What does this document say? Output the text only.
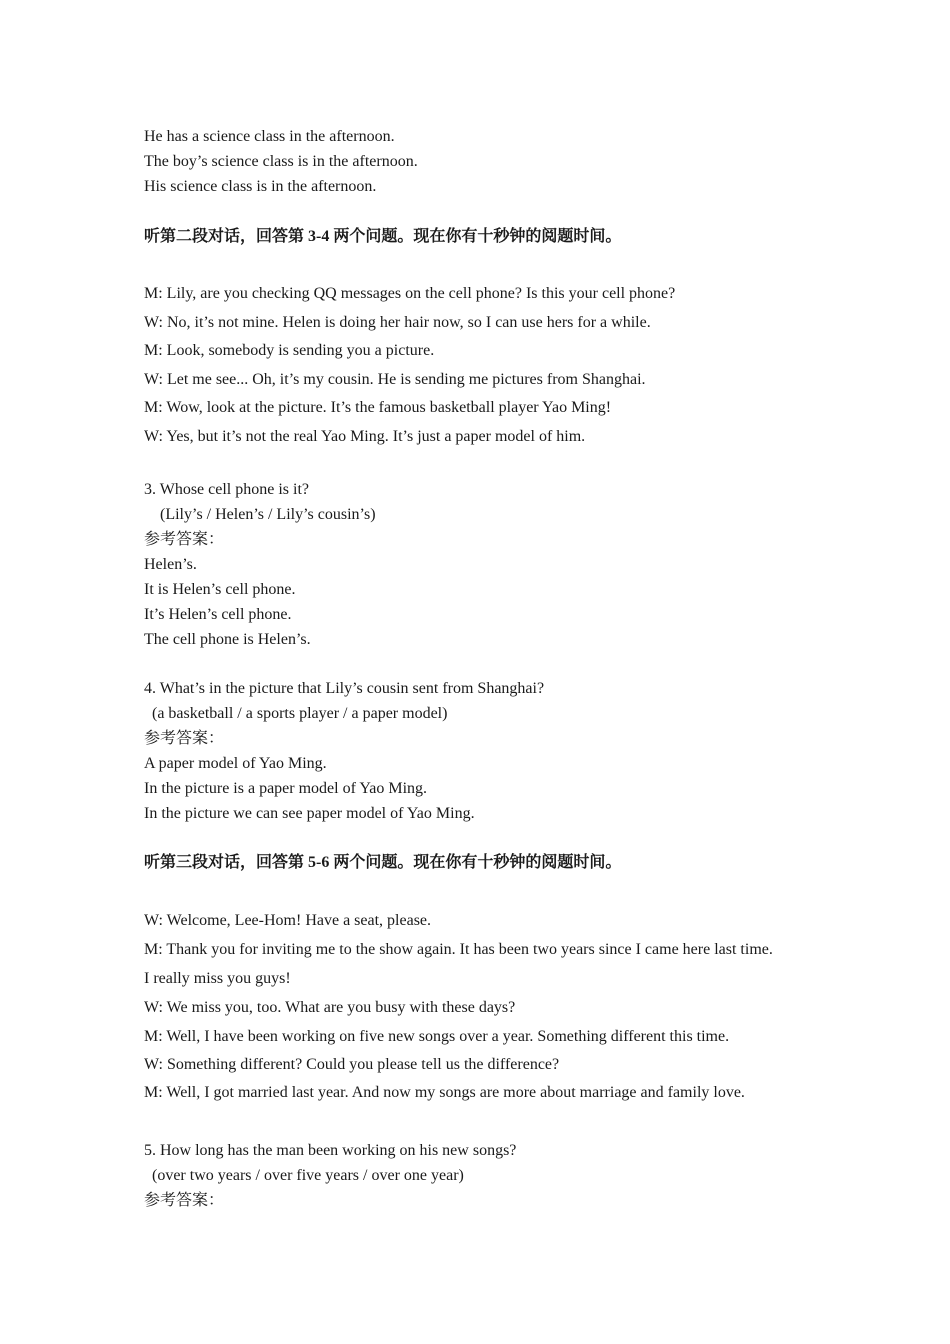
He has a science class in the afternoon.
The boy’s science class is in the afternoon.
His science class is in the afternoon.
听第二段对话，回答第 3-4 两个问题。现在你有十秒钟的阅题时间。
M: Lily, are you checking QQ messages on the cell phone? Is this your cell phone?
W: No, it’s not mine. Helen is doing her hair now, so I can use hers for a while.
M: Look, somebody is sending you a picture.
W: Let me see... Oh, it’s my cousin. He is sending me pictures from Shanghai.
M: Wow, look at the picture. It’s the famous basketball player Yao Ming!
W: Yes, but it’s not the real Yao Ming. It’s just a paper model of him.
3. Whose cell phone is it?
(Lily’s / Helen’s / Lily’s cousin’s)
参考答案：
Helen’s.
It is Helen’s cell phone.
It’s Helen’s cell phone.
The cell phone is Helen’s.
4. What’s in the picture that Lily’s cousin sent from Shanghai?
(a basketball / a sports player / a paper model)
参考答案：
A paper model of Yao Ming.
In the picture is a paper model of Yao Ming.
In the picture we can see paper model of Yao Ming.
听第三段对话，回答第 5-6 两个问题。现在你有十秒钟的阅题时间。
W: Welcome, Lee-Hom! Have a seat, please.
M: Thank you for inviting me to the show again. It has been two years since I came here last time.
I really miss you guys!
W: We miss you, too. What are you busy with these days?
M: Well, I have been working on five new songs over a year. Something different this time.
W: Something different? Could you please tell us the difference?
M: Well, I got married last year. And now my songs are more about marriage and family love.
5. How long has the man been working on his new songs?
(over two years / over five years / over one year)
参考答案：
